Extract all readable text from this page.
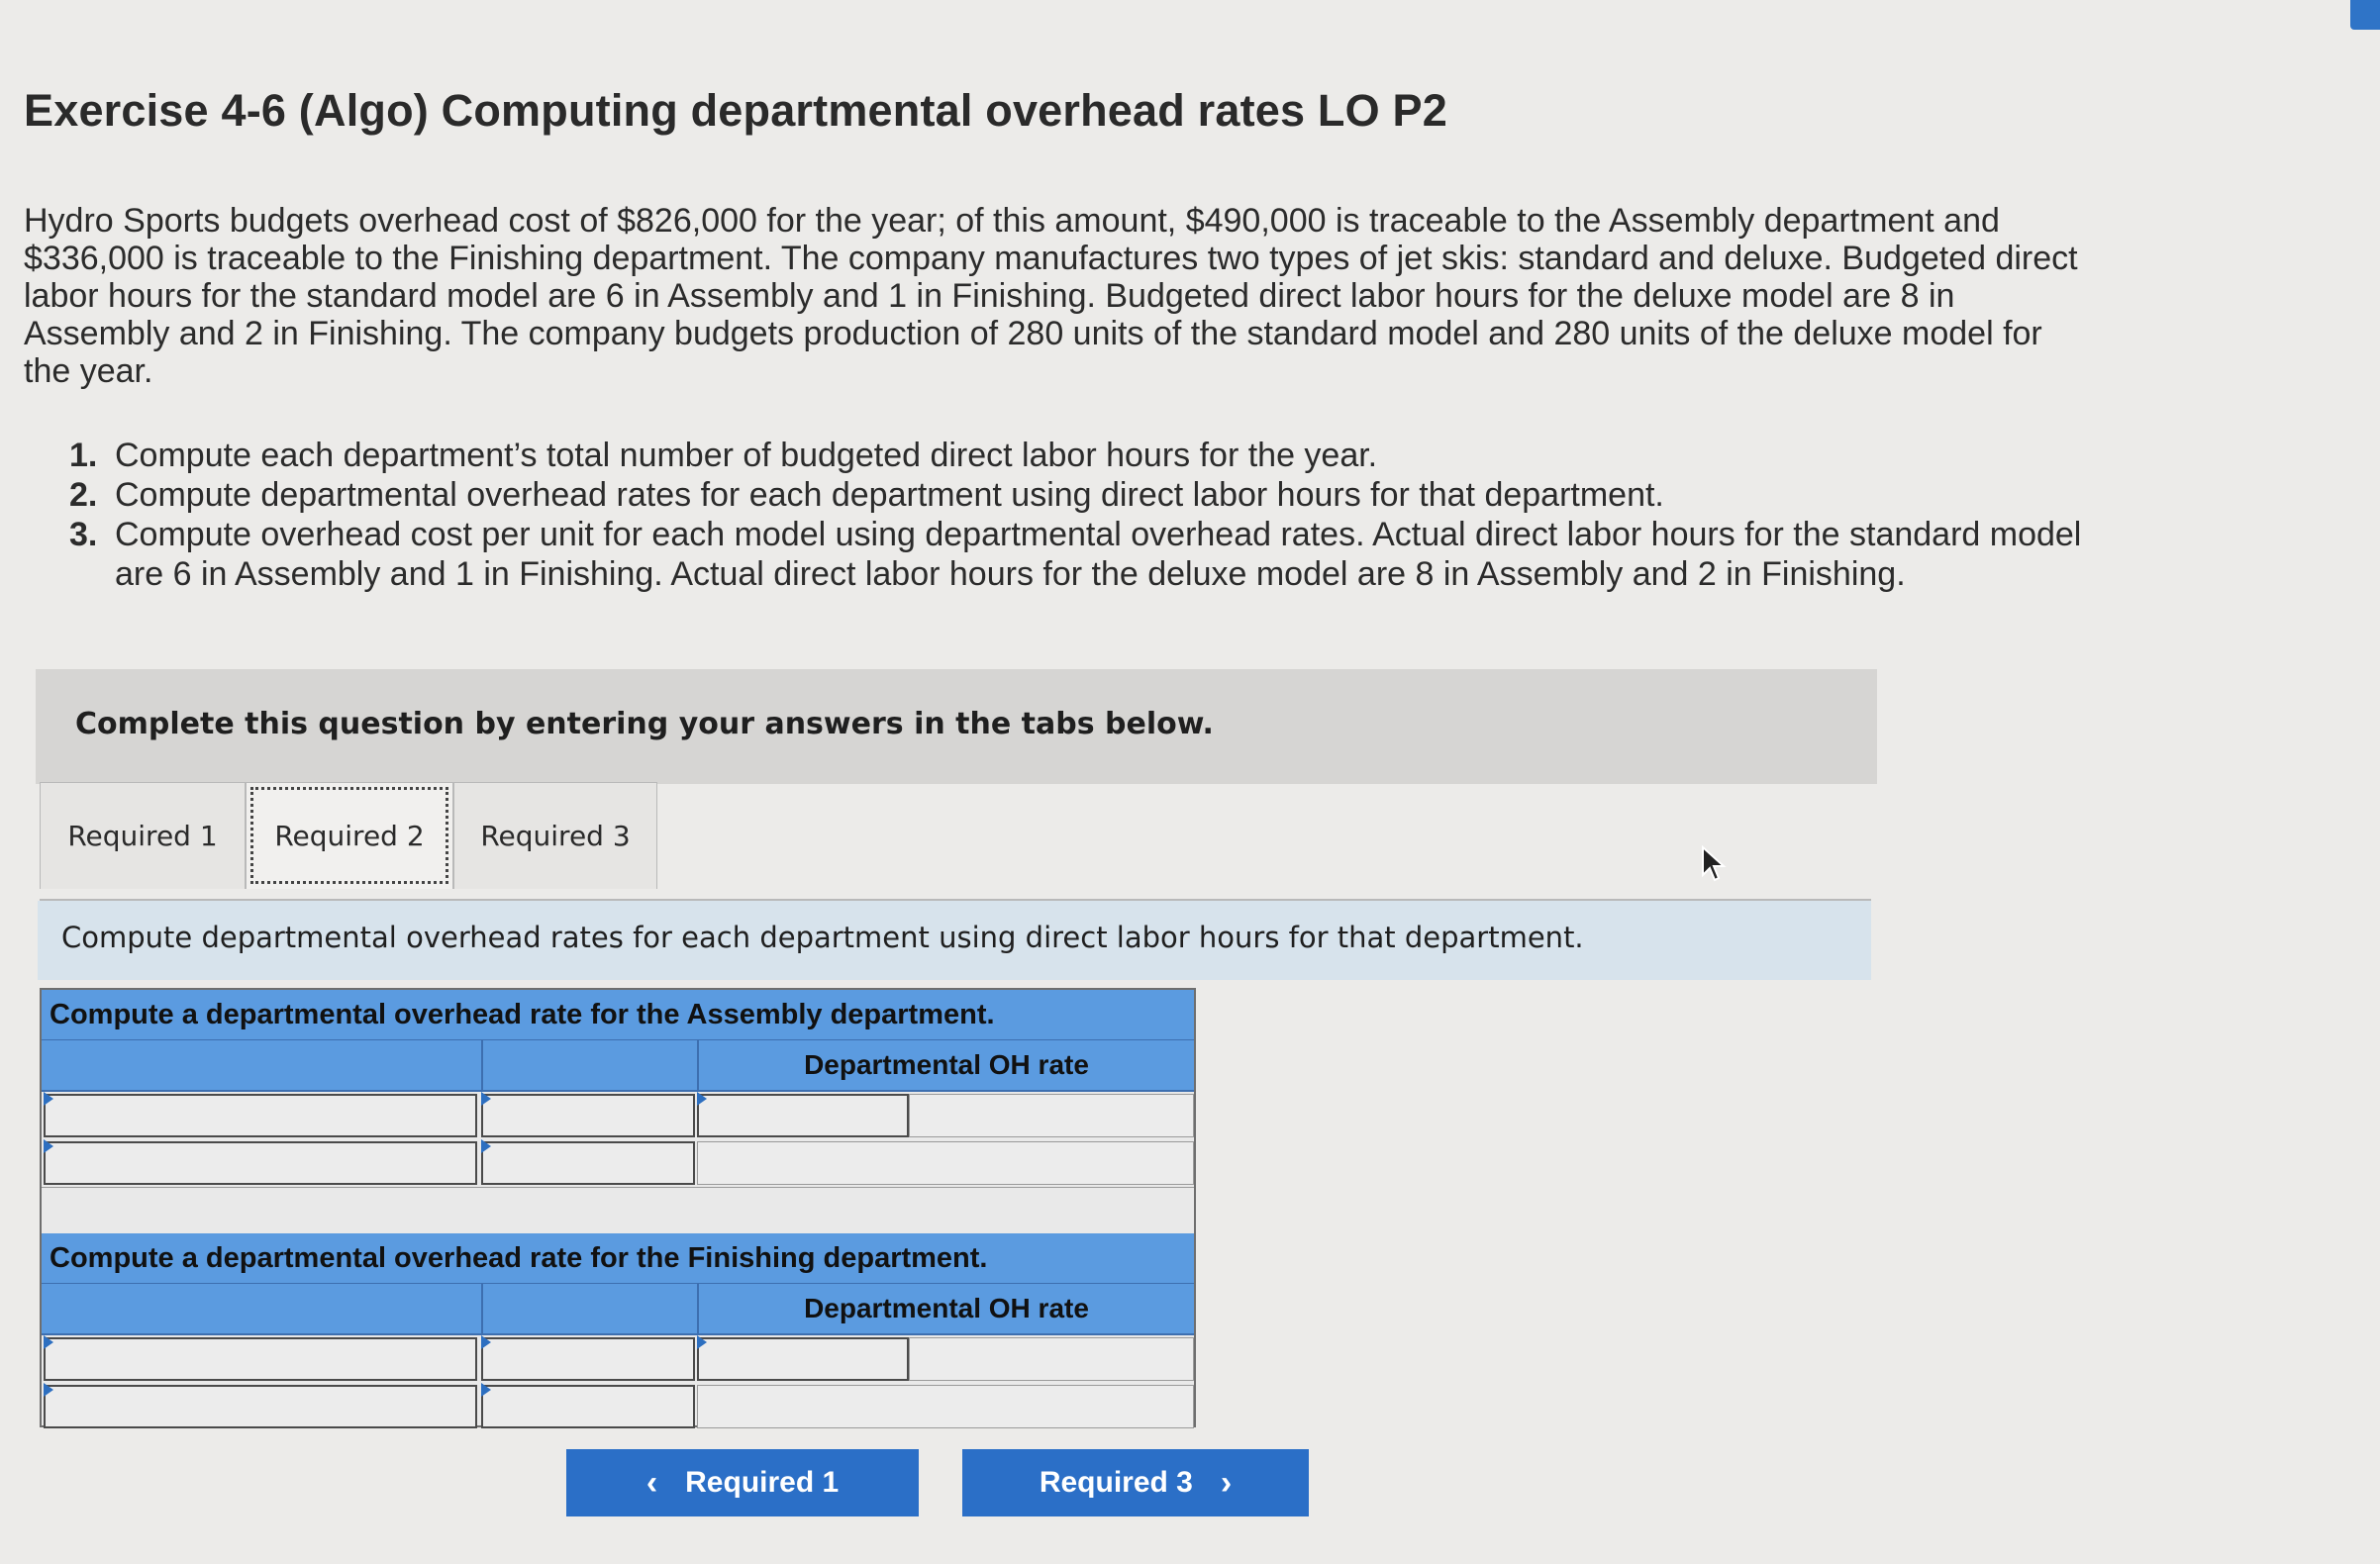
Exercise 4-6 (Algo) Computing departmental overhead rates LO P2

Hydro Sports budgets overhead cost of $826,000 for the year; of this amount, $490,000 is traceable to the Assembly department and $336,000 is traceable to the Finishing department. The company manufactures two types of jet skis: standard and deluxe. Budgeted direct labor hours for the standard model are 6 in Assembly and 1 in Finishing. Budgeted direct labor hours for the deluxe model are 8 in Assembly and 2 in Finishing. The company budgets production of 280 units of the standard model and 280 units of the deluxe model for the year.

1. Compute each department’s total number of budgeted direct labor hours for the year.
2. Compute departmental overhead rates for each department using direct labor hours for that department.
3. Compute overhead cost per unit for each model using departmental overhead rates. Actual direct labor hours for the standard model are 6 in Assembly and 1 in Finishing. Actual direct labor hours for the deluxe model are 8 in Assembly and 2 in Finishing.
Complete this question by entering your answers in the tabs below.
Required 1	Required 2	Required 3
Compute departmental overhead rates for each department using direct labor hours for that department.
Compute a departmental overhead rate for the Assembly department.
Departmental OH rate
Compute a departmental overhead rate for the Finishing department.
Departmental OH rate
‹ Required 1	Required 3 ›
